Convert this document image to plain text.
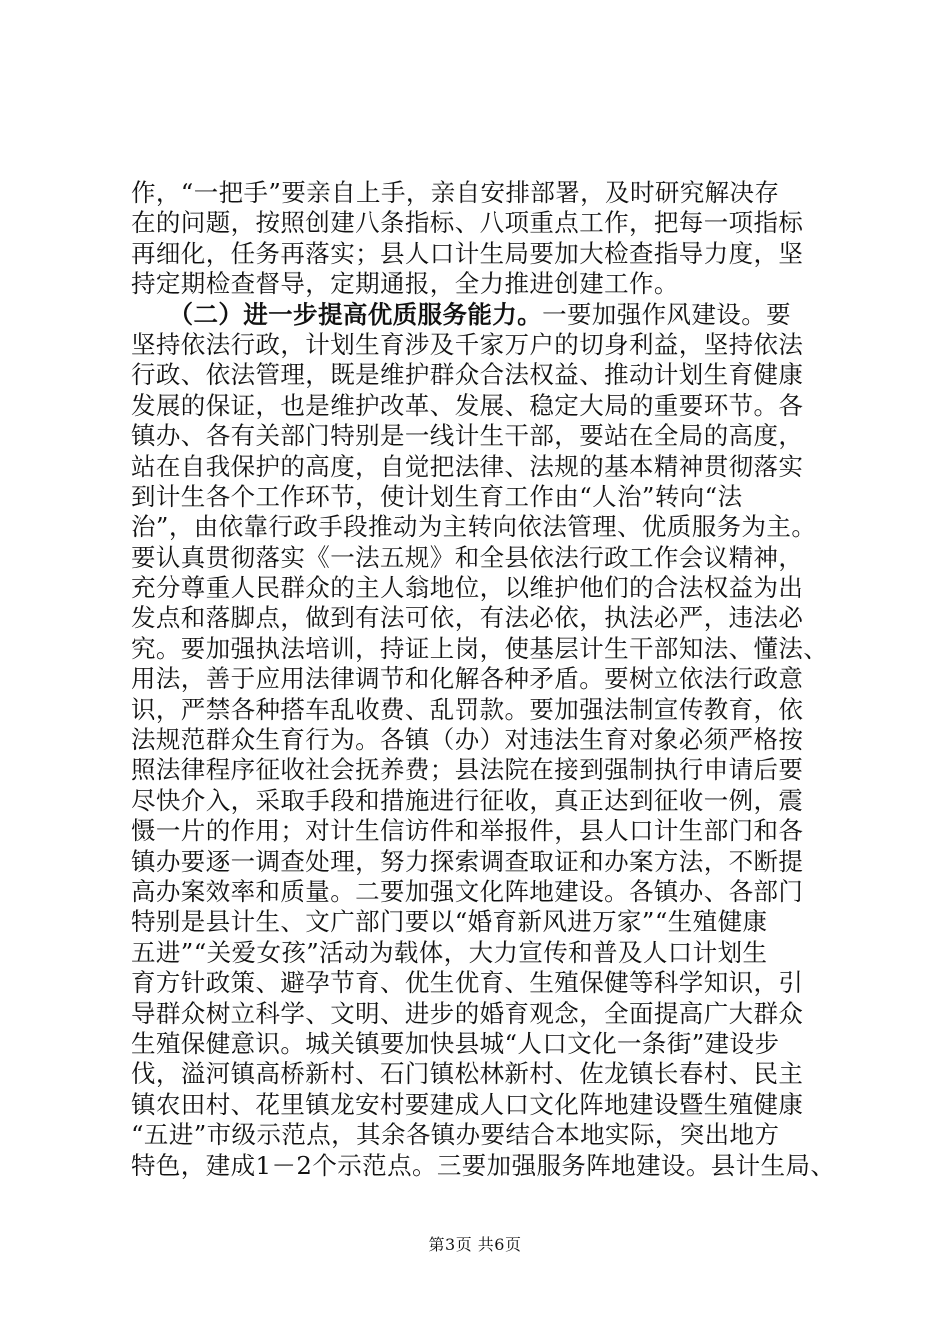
作，“一把手”要亲自上手，亲自安排部署，及时研究解决存
在的问题，按照创建八条指标、八项重点工作，把每一项指标
再细化，任务再落实；县人口计生局要加大检查指导力度，坚
持定期检查督导，定期通报，全力推进创建工作。
　　（二）进一步提高优质服务能力。一要加强作风建设。要
坚持依法行政，计划生育涉及千家万户的切身利益，坚持依法
行政、依法管理，既是维护群众合法权益、推动计划生育健康
发展的保证，也是维护改革、发展、稳定大局的重要环节。各
镇办、各有关部门特别是一线计生干部，要站在全局的高度，
站在自我保护的高度，自觉把法律、法规的基本精神贯彻落实
到计生各个工作环节，使计划生育工作由“人治”转向“法
治”，由依靠行政手段推动为主转向依法管理、优质服务为主。
要认真贯彻落实《一法五规》和全县依法行政工作会议精神，
充分尊重人民群众的主人翁地位，以维护他们的合法权益为出
发点和落脚点，做到有法可依，有法必依，执法必严，违法必
究。要加强执法培训，持证上岗，使基层计生干部知法、懂法、
用法，善于应用法律调节和化解各种矛盾。要树立依法行政意
识，严禁各种搭车乱收费、乱罚款。要加强法制宣传教育，依
法规范群众生育行为。各镇（办）对违法生育对象必须严格按
照法律程序征收社会抚养费；县法院在接到强制执行申请后要
尽快介入，采取手段和措施进行征收，真正达到征收一例，震
慑一片的作用；对计生信访件和举报件，县人口计生部门和各
镇办要逐一调查处理，努力探索调查取证和办案方法，不断提
高办案效率和质量。二要加强文化阵地建设。各镇办、各部门
特别是县计生、文广部门要以“婚育新风进万家”“生殖健康
五进”“关爱女孩”活动为载体，大力宣传和普及人口计划生
育方针政策、避孕节育、优生优育、生殖保健等科学知识，引
导群众树立科学、文明、进步的婚育观念，全面提高广大群众
生殖保健意识。城关镇要加快县城“人口文化一条街”建设步
伐，溢河镇高桥新村、石门镇松林新村、佐龙镇长春村、民主
镇农田村、花里镇龙安村要建成人口文化阵地建设暨生殖健康
“五进”市级示范点，其余各镇办要结合本地实际，突出地方
特色，建成1－2个示范点。三要加强服务阵地建设。县计生局、
第3页 共6页
